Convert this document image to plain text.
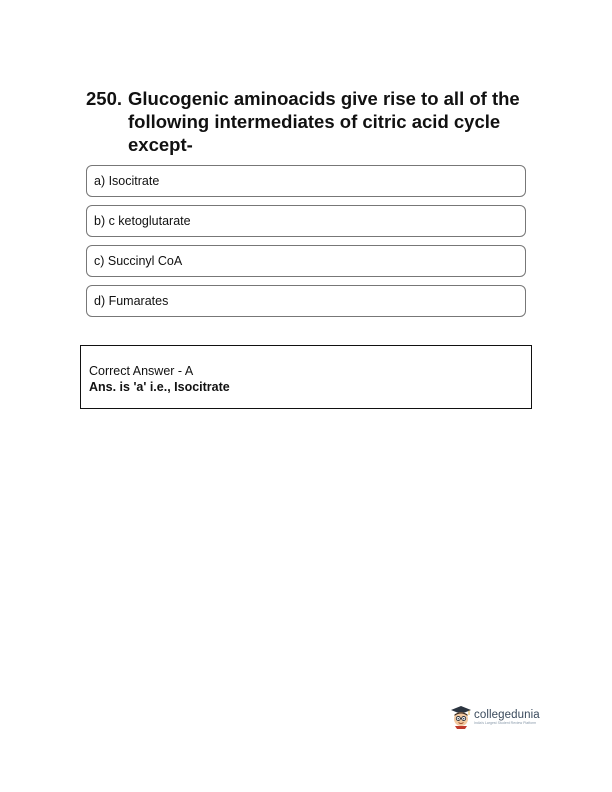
250. Glucogenic aminoacids give rise to all of the following intermediates of citric acid cycle except-
a) Isocitrate
b) c ketoglutarate
c) Succinyl CoA
d) Fumarates
Correct Answer - A
Ans. is 'a' i.e., Isocitrate
collegedunia
India's Largest Student Review Platform
